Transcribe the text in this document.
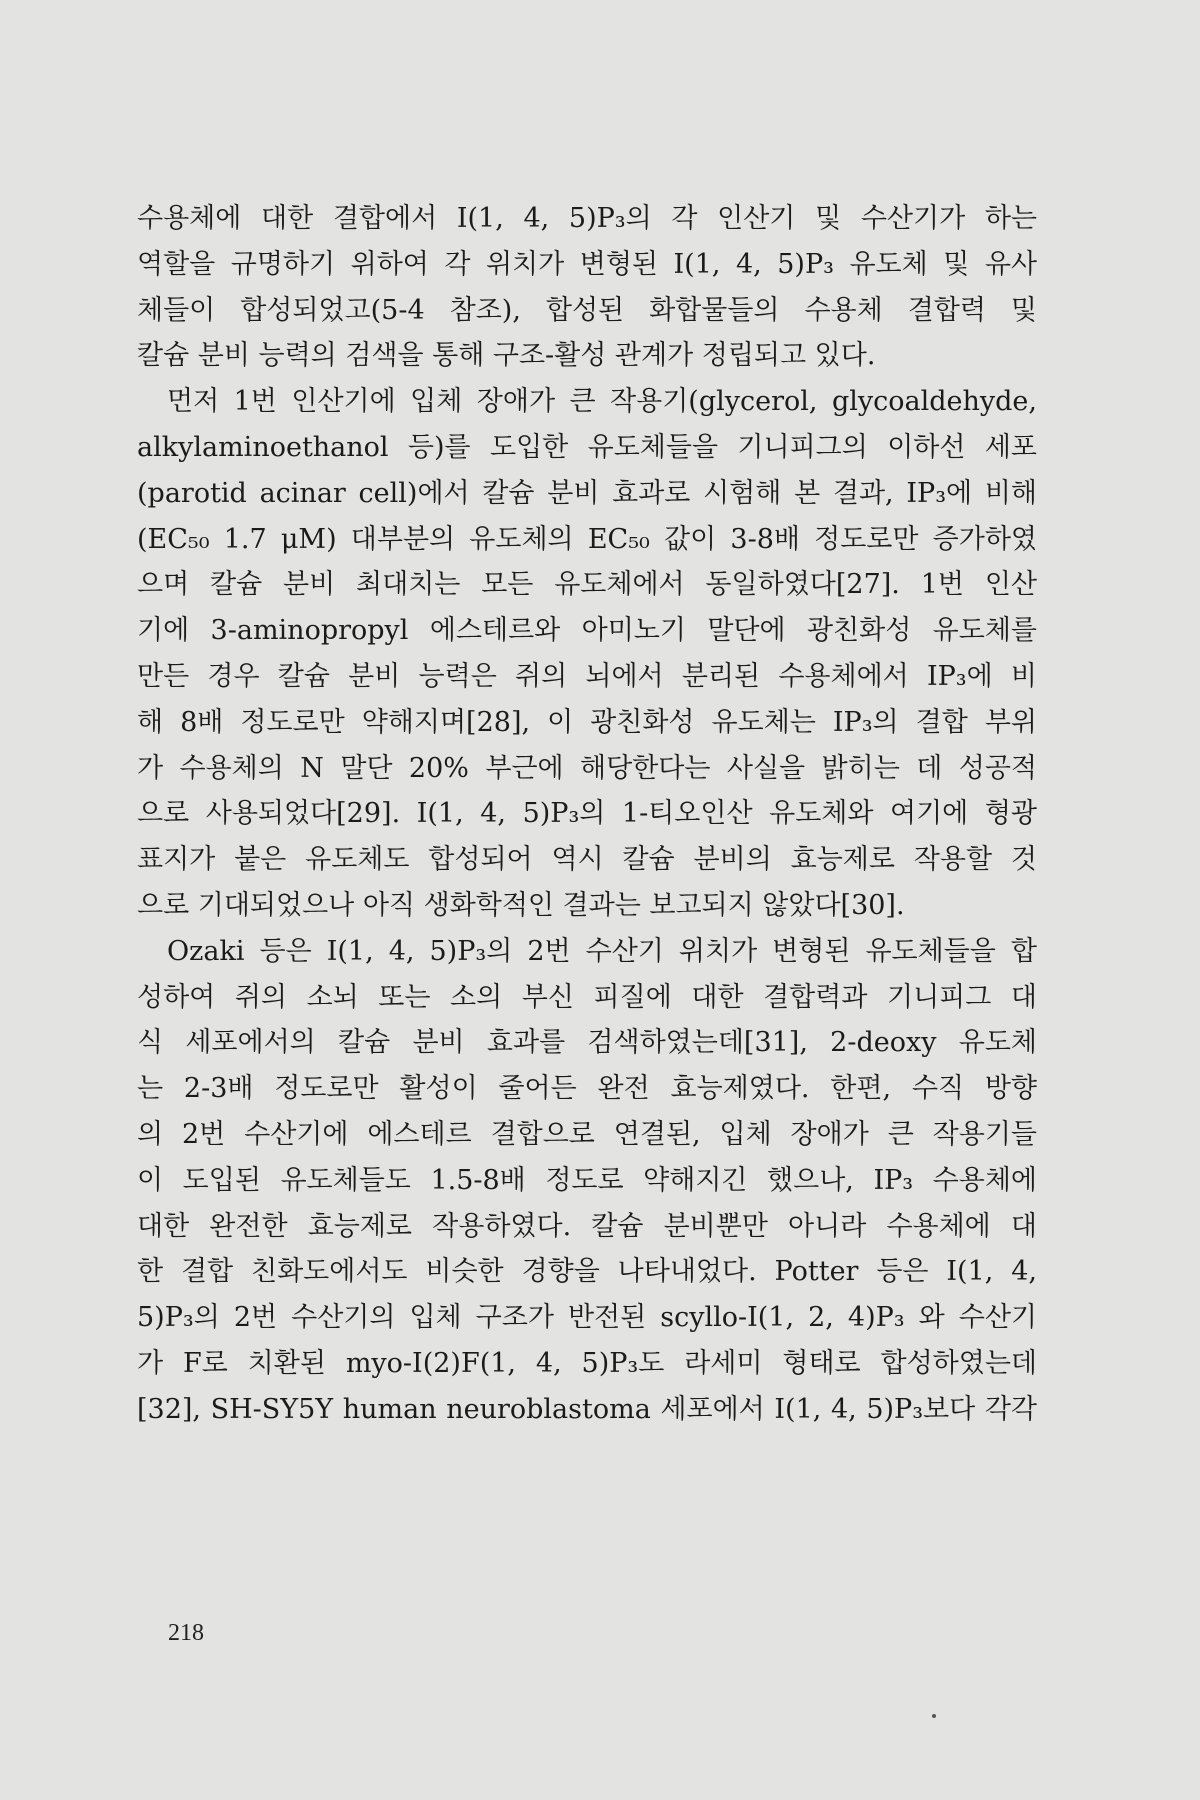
수용체에 대한 결합에서 I(1, 4, 5)P₃의 각 인산기 및 수산기가 하는
역할을 규명하기 위하여 각 위치가 변형된 I(1, 4, 5)P₃ 유도체 및 유사
체들이 합성되었고(5-4 참조), 합성된 화합물들의 수용체 결합력 및
칼슘 분비 능력의 검색을 통해 구조-활성 관계가 정립되고 있다.
먼저 1번 인산기에 입체 장애가 큰 작용기(glycerol, glycoaldehyde,
alkylaminoethanol 등)를 도입한 유도체들을 기니피그의 이하선 세포
(parotid acinar cell)에서 칼슘 분비 효과로 시험해 본 결과, IP₃에 비해
(EC₅₀ 1.7 μM) 대부분의 유도체의 EC₅₀ 값이 3-8배 정도로만 증가하였
으며 칼슘 분비 최대치는 모든 유도체에서 동일하였다[27]. 1번 인산
기에 3-aminopropyl 에스테르와 아미노기 말단에 광친화성 유도체를
만든 경우 칼슘 분비 능력은 쥐의 뇌에서 분리된 수용체에서 IP₃에 비
해 8배 정도로만 약해지며[28], 이 광친화성 유도체는 IP₃의 결합 부위
가 수용체의 N 말단 20% 부근에 해당한다는 사실을 밝히는 데 성공적
으로 사용되었다[29]. I(1, 4, 5)P₃의 1-티오인산 유도체와 여기에 형광
표지가 붙은 유도체도 합성되어 역시 칼슘 분비의 효능제로 작용할 것
으로 기대되었으나 아직 생화학적인 결과는 보고되지 않았다[30].
Ozaki 등은 I(1, 4, 5)P₃의 2번 수산기 위치가 변형된 유도체들을 합
성하여 쥐의 소뇌 또는 소의 부신 피질에 대한 결합력과 기니피그 대
식 세포에서의 칼슘 분비 효과를 검색하였는데[31], 2-deoxy 유도체
는 2-3배 정도로만 활성이 줄어든 완전 효능제였다. 한편, 수직 방향
의 2번 수산기에 에스테르 결합으로 연결된, 입체 장애가 큰 작용기들
이 도입된 유도체들도 1.5-8배 정도로 약해지긴 했으나, IP₃ 수용체에
대한 완전한 효능제로 작용하였다. 칼슘 분비뿐만 아니라 수용체에 대
한 결합 친화도에서도 비슷한 경향을 나타내었다. Potter 등은 I(1, 4,
5)P₃의 2번 수산기의 입체 구조가 반전된 scyllo-I(1, 2, 4)P₃ 와 수산기
가 F로 치환된 myo-I(2)F(1, 4, 5)P₃도 라세미 형태로 합성하였는데
[32], SH-SY5Y human neuroblastoma 세포에서 I(1, 4, 5)P₃보다 각각
218
